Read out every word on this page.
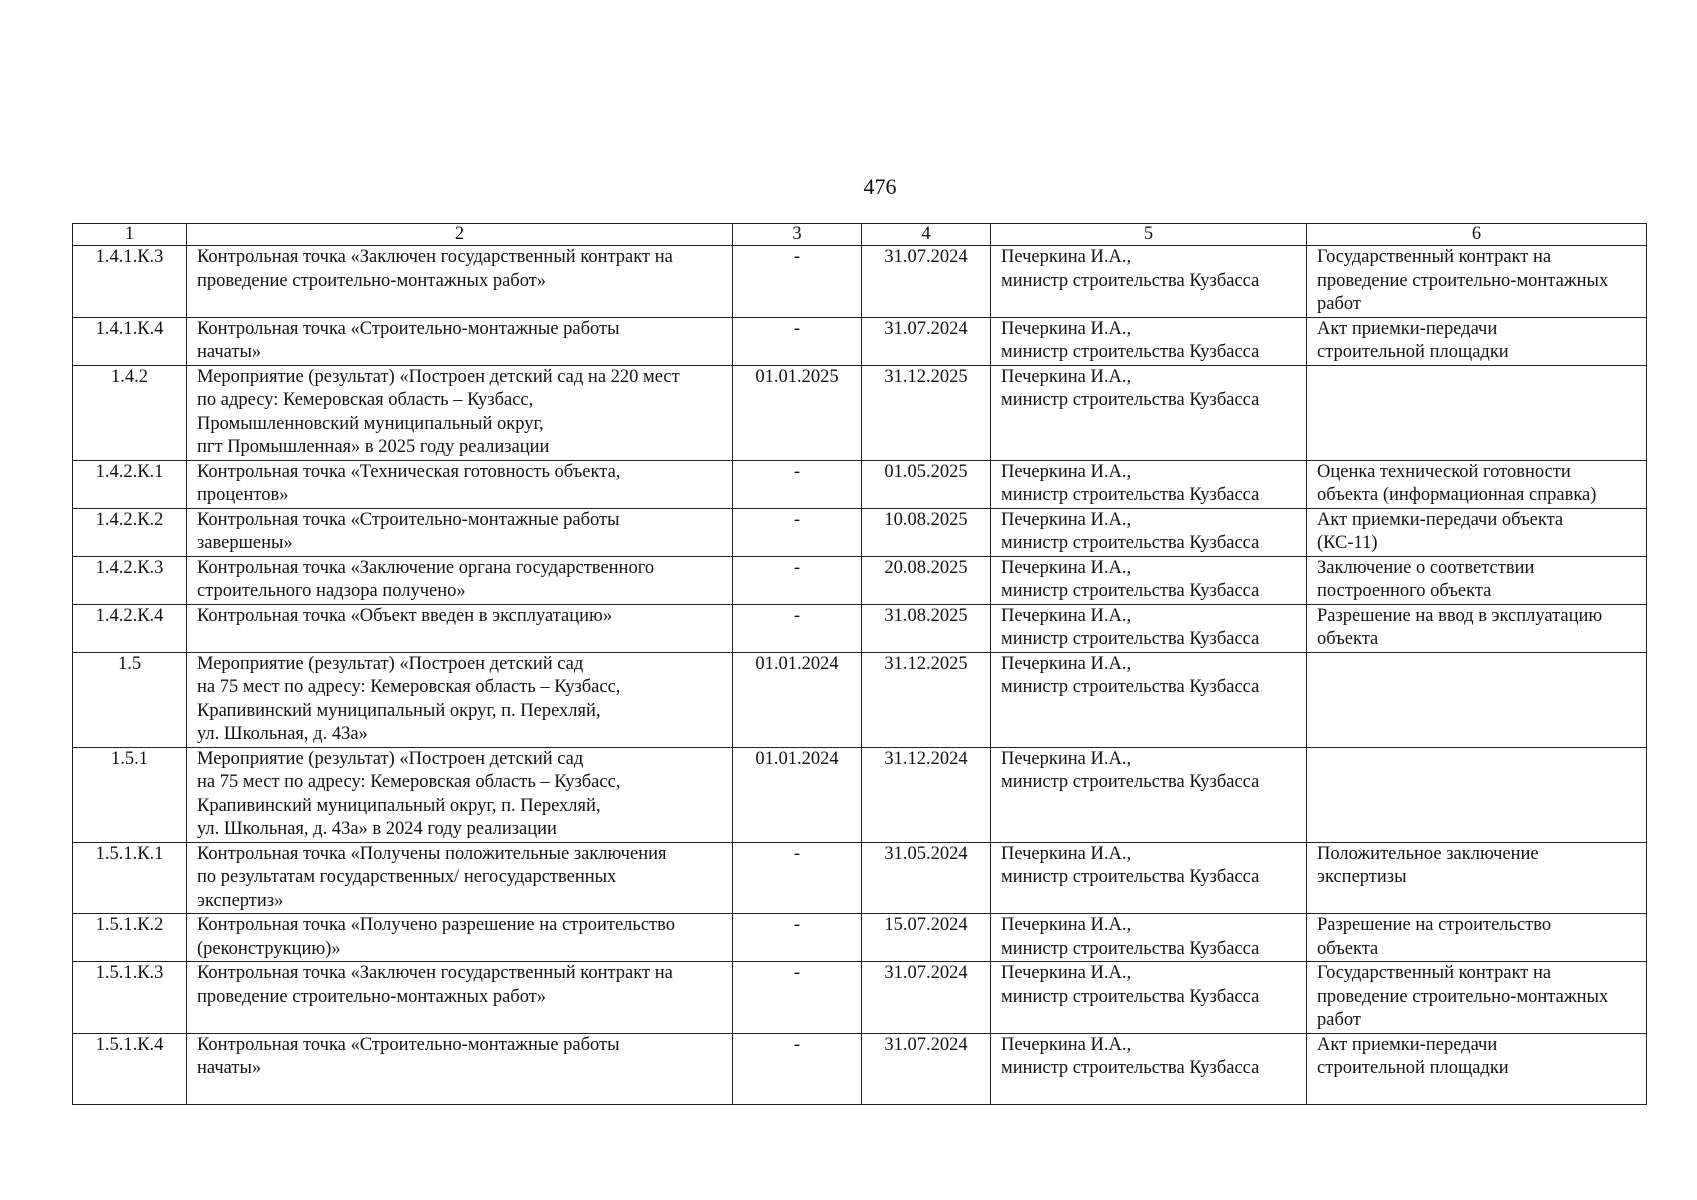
476
1	2	3	4	5	6
1.4.1.К.3	Контрольная точка «Заключен государственный контракт на
проведение строительно-монтажных работ»	-	31.07.2024	Печеркина И.А.,
министр строительства Кузбасса	Государственный контракт на
проведение строительно-монтажных
работ

1.4.1.К.4	Контрольная точка «Строительно-монтажные работы
начаты»	-	31.07.2024	Печеркина И.А.,
министр строительства Кузбасса	Акт приемки-передачи
строительной площадки

1.4.2	Мероприятие (результат) «Построен детский сад на 220 мест
по адресу: Кемеровская область – Кузбасс,
Промышленновский муниципальный округ,
пгт Промышленная» в 2025 году реализации	01.01.2025	31.12.2025	Печеркина И.А.,
министр строительства Кузбасса	

1.4.2.К.1	Контрольная точка «Техническая готовность объекта,
процентов»	-	01.05.2025	Печеркина И.А.,
министр строительства Кузбасса	Оценка технической готовности
объекта (информационная справка)

1.4.2.К.2	Контрольная точка «Строительно-монтажные работы
завершены»	-	10.08.2025	Печеркина И.А.,
министр строительства Кузбасса	Акт приемки-передачи объекта
(КС-11)

1.4.2.К.3	Контрольная точка «Заключение органа государственного
строительного надзора получено»	-	20.08.2025	Печеркина И.А.,
министр строительства Кузбасса	Заключение о соответствии
построенного объекта

1.4.2.К.4	Контрольная точка «Объект введен в эксплуатацию»	-	31.08.2025	Печеркина И.А.,
министр строительства Кузбасса	Разрешение на ввод в эксплуатацию
объекта

1.5	Мероприятие (результат) «Построен детский сад
на 75 мест по адресу: Кемеровская область – Кузбасс,
Крапивинский муниципальный округ, п. Перехляй,
ул. Школьная, д. 43а»	01.01.2024	31.12.2025	Печеркина И.А.,
министр строительства Кузбасса	

1.5.1	Мероприятие (результат) «Построен детский сад
на 75 мест по адресу: Кемеровская область – Кузбасс,
Крапивинский муниципальный округ, п. Перехляй,
ул. Школьная, д. 43а» в 2024 году реализации	01.01.2024	31.12.2024	Печеркина И.А.,
министр строительства Кузбасса	

1.5.1.К.1	Контрольная точка «Получены положительные заключения
по результатам государственных/ негосударственных
экспертиз»	-	31.05.2024	Печеркина И.А.,
министр строительства Кузбасса	Положительное заключение
экспертизы

1.5.1.К.2	Контрольная точка «Получено разрешение на строительство
(реконструкцию)»	-	15.07.2024	Печеркина И.А.,
министр строительства Кузбасса	Разрешение на строительство
объекта

1.5.1.К.3	Контрольная точка «Заключен государственный контракт на
проведение строительно-монтажных работ»	-	31.07.2024	Печеркина И.А.,
министр строительства Кузбасса	Государственный контракт на
проведение строительно-монтажных
работ

1.5.1.К.4	Контрольная точка «Строительно-монтажные работы
начаты»	-	31.07.2024	Печеркина И.А.,
министр строительства Кузбасса	Акт приемки-передачи
строительной площадки
